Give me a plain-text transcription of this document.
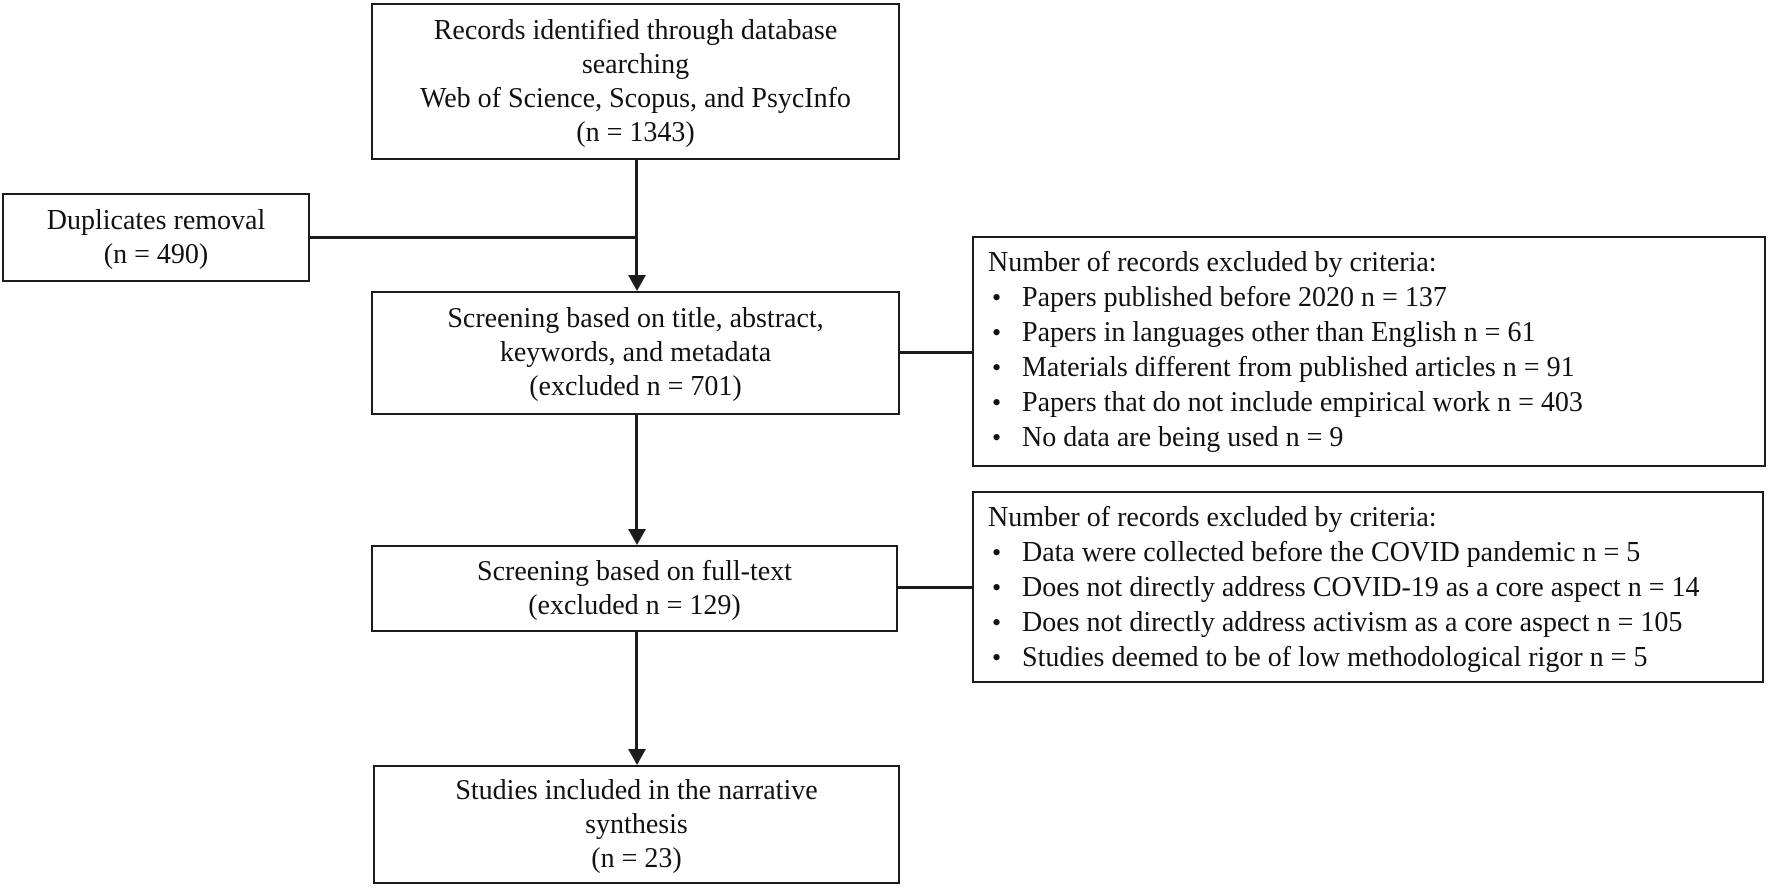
Records identified through database
searching
Web of Science, Scopus, and PsycInfo
(n = 1343)
Duplicates removal
(n = 490)
Screening based on title, abstract,
keywords, and metadata
(excluded n = 701)
Number of records excluded by criteria:
• Papers published before 2020 n = 137
• Papers in languages other than English n = 61
• Materials different from published articles n = 91
• Papers that do not include empirical work n = 403
• No data are being used n = 9
Screening based on full-text
(excluded n = 129)
Number of records excluded by criteria:
• Data were collected before the COVID pandemic n = 5
• Does not directly address COVID-19 as a core aspect n = 14
• Does not directly address activism as a core aspect n = 105
• Studies deemed to be of low methodological rigor n = 5
Studies included in the narrative
synthesis
(n = 23)
